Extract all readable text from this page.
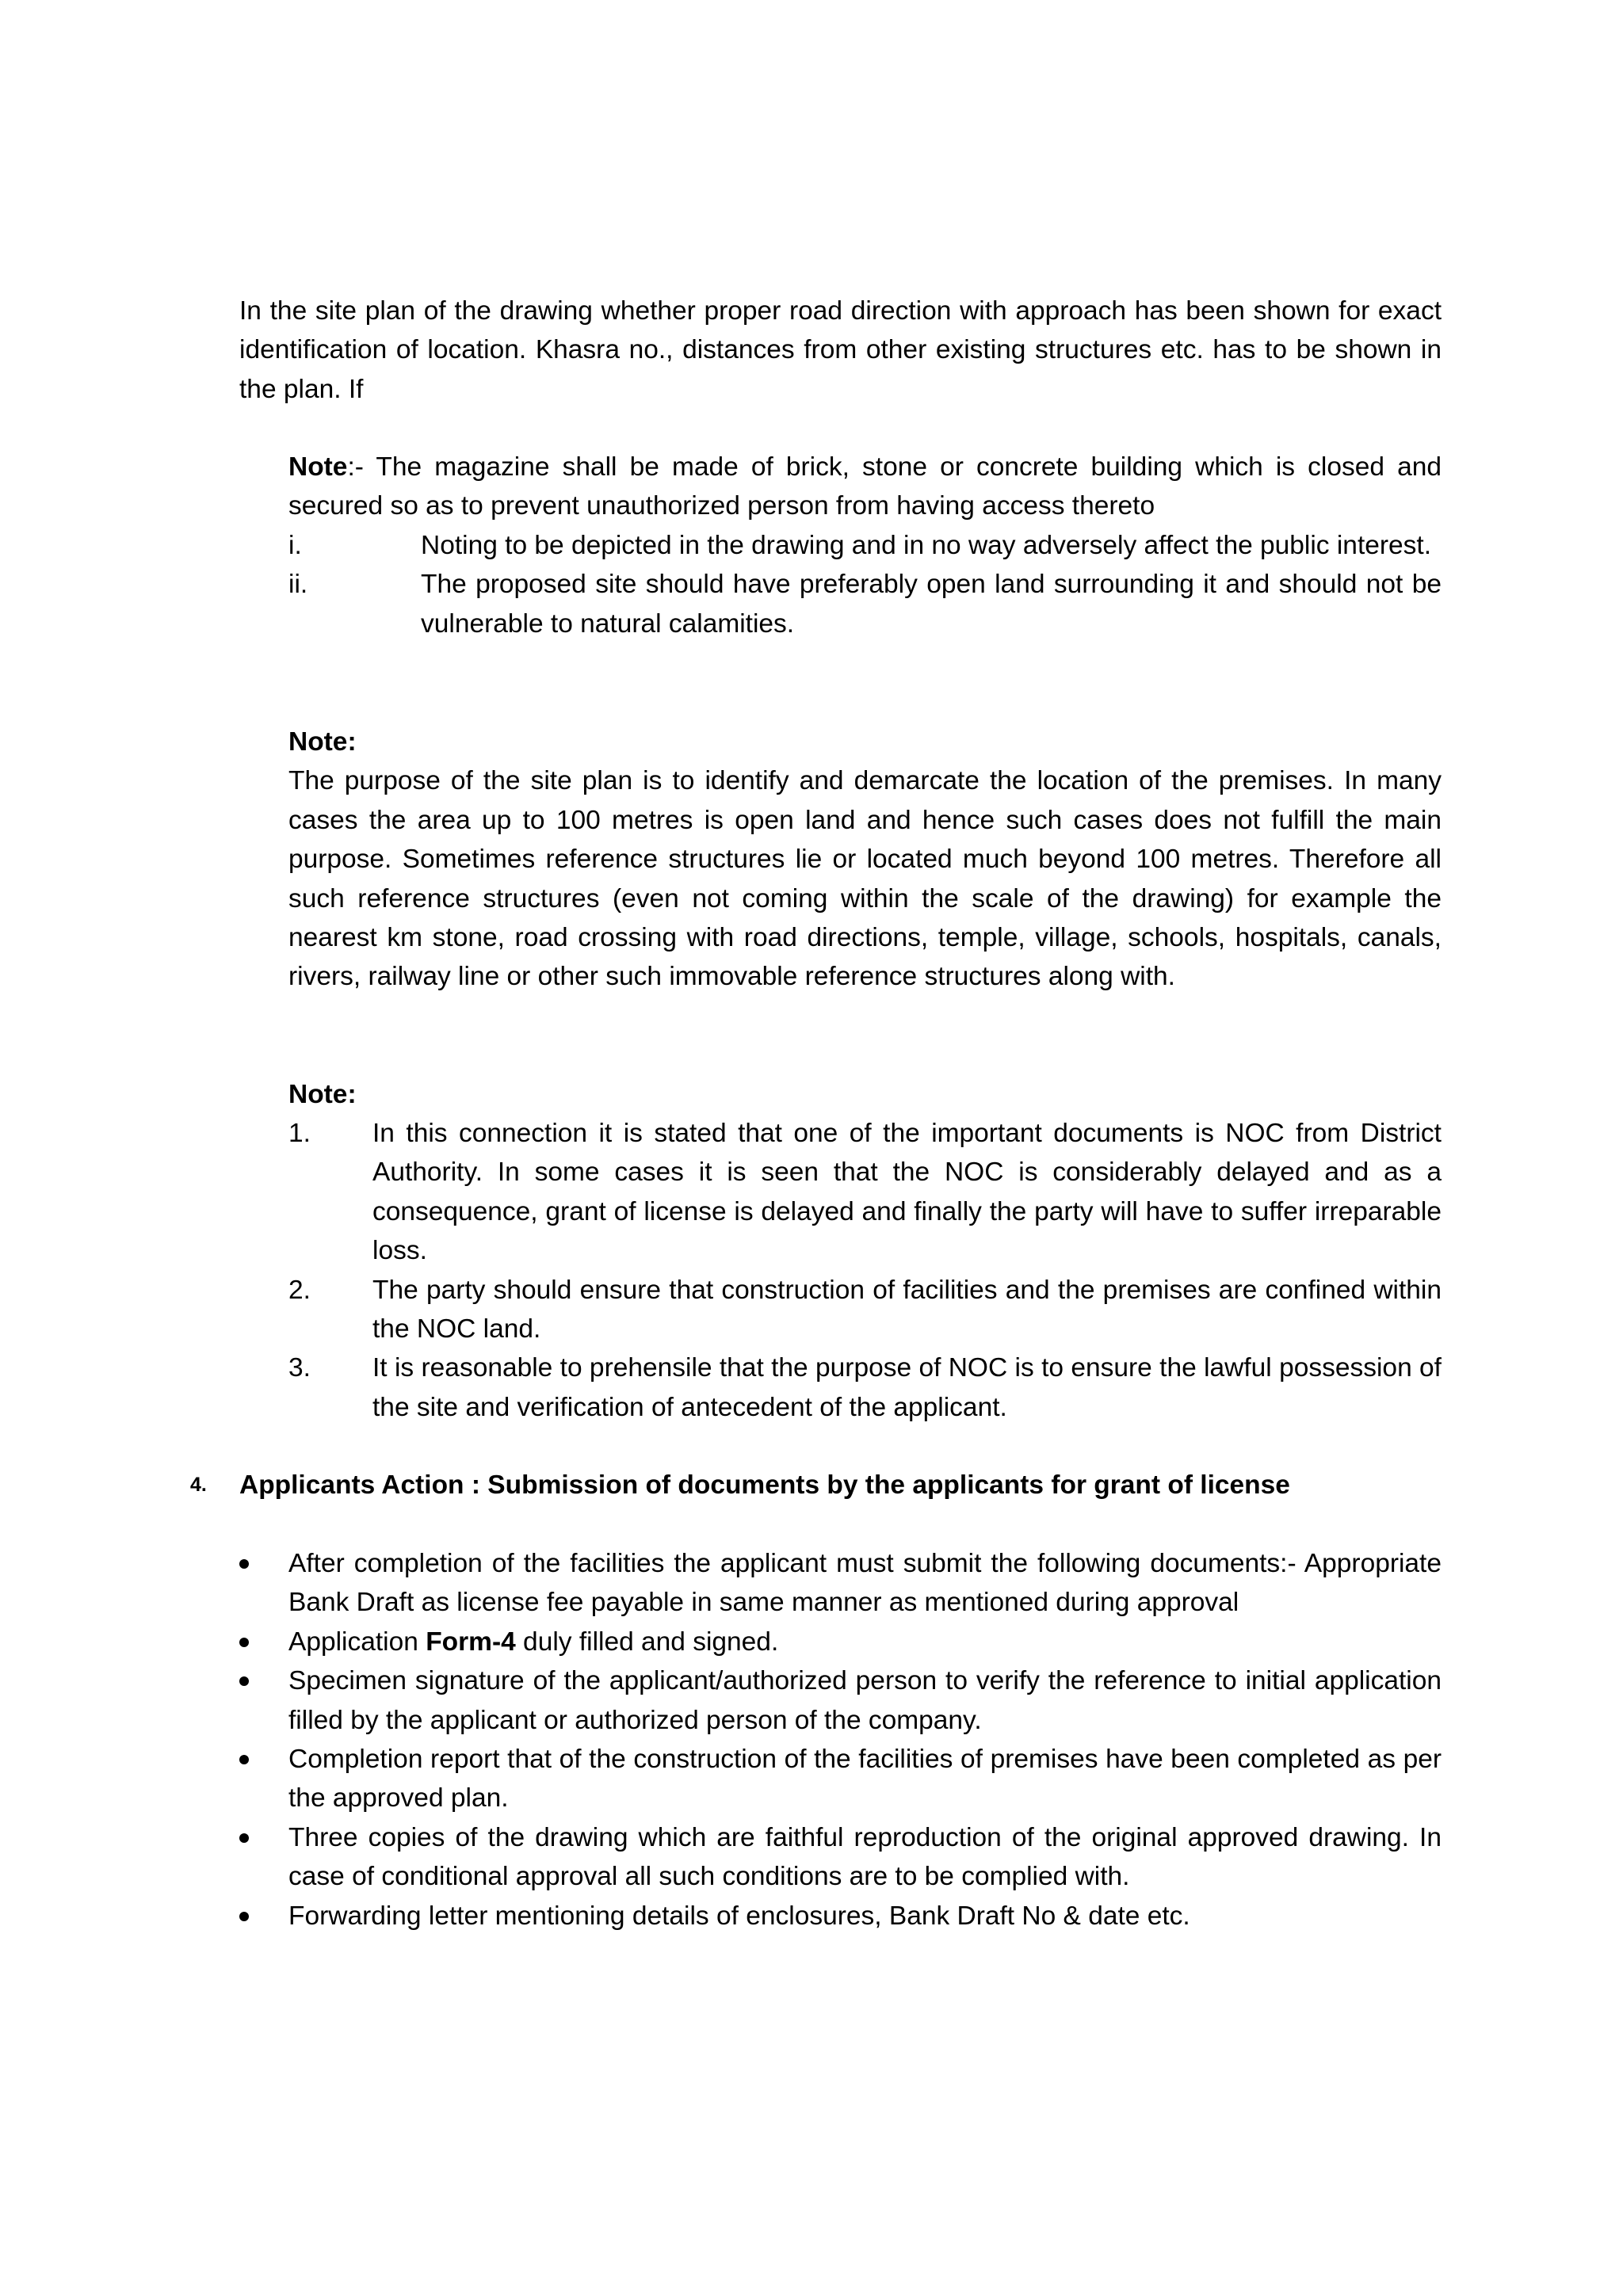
In the site plan of the drawing whether proper road direction with approach has been shown for exact identification of location. Khasra no., distances from other existing structures etc. has to be shown in the plan. If

Note:- The magazine shall be made of brick, stone or concrete building which is closed and secured so as to prevent unauthorized person from having access thereto

i.	Noting to be depicted in the drawing and in no way adversely affect the public interest.
ii.	The proposed site should have preferably open land surrounding it and should not be vulnerable to natural calamities.

Note:

The purpose of the site plan is to identify and demarcate the location of the premises. In many cases the area up to 100 metres is open land and hence such cases does not fulfill the main purpose. Sometimes reference structures lie or located much beyond 100 metres. Therefore all such reference structures (even not coming within the scale of the drawing) for example the nearest km stone, road crossing with road directions, temple, village, schools, hospitals, canals, rivers, railway line or other such immovable reference structures along with.

Note:

1.	In this connection it is stated that one of the important documents is NOC from District Authority. In some cases it is seen that the NOC is considerably delayed and as a consequence, grant of license is delayed and finally the party will have to suffer irreparable loss.
2.	The party should ensure that construction of facilities and the premises are confined within the NOC land.
3.	It is reasonable to prehensile that the purpose of NOC is to ensure the lawful possession of the site and verification of antecedent of the applicant.
4. Applicants Action : Submission of documents by the applicants for grant of license
After completion of the facilities the applicant must submit the following documents:- Appropriate Bank Draft as license fee payable in same manner as mentioned during approval
Application Form-4 duly filled and signed.
Specimen signature of the applicant/authorized person to verify the reference to initial application filled by the applicant or authorized person of the company.
Completion report that of the construction of the facilities of premises have been completed as per the approved plan.
Three copies of the drawing which are faithful reproduction of the original approved drawing. In case of conditional approval all such conditions are to be complied with.
Forwarding letter mentioning details of enclosures, Bank Draft No & date etc.
